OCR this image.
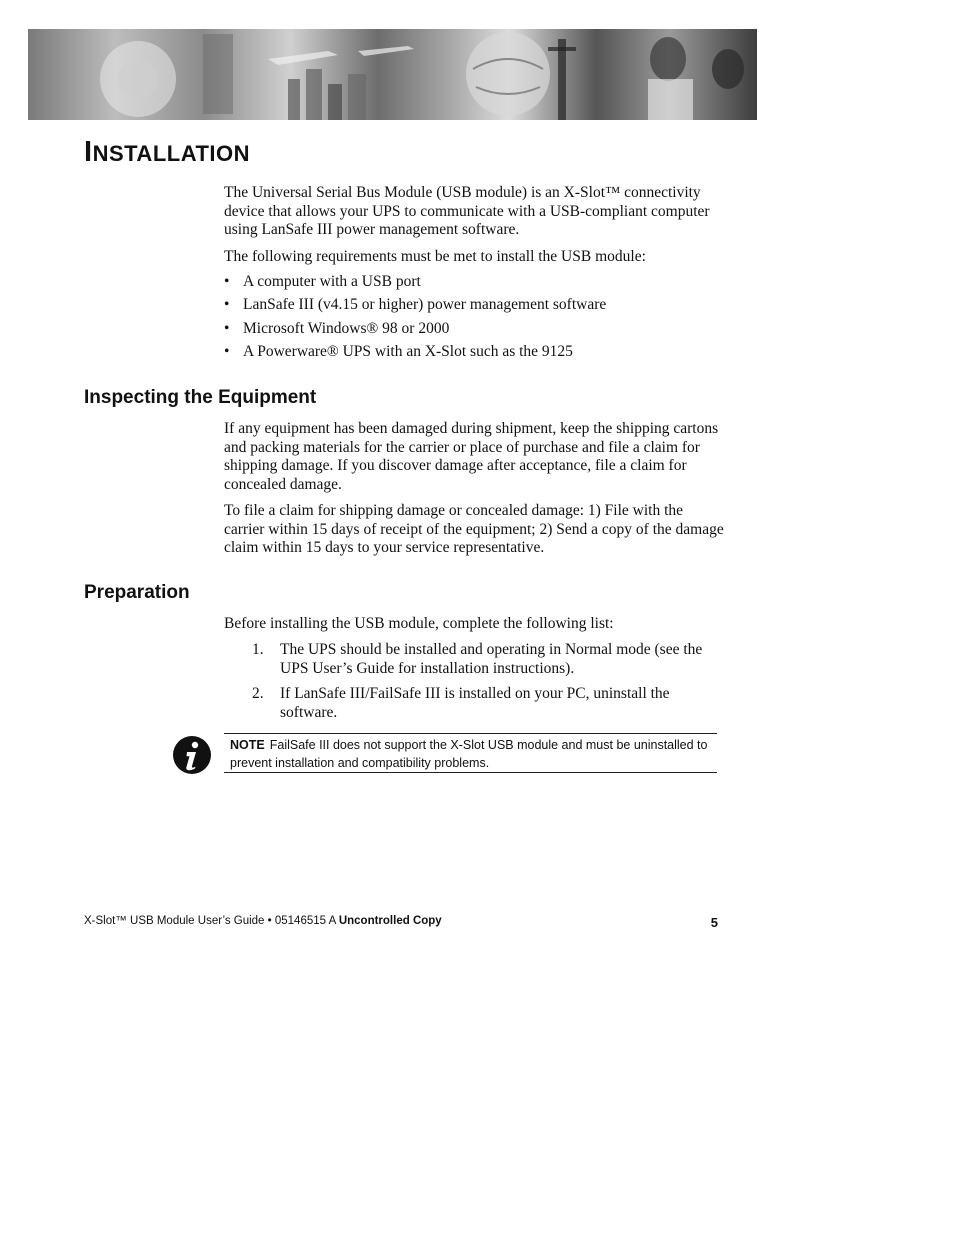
INSTALLATION

The Universal Serial Bus Module (USB module) is an X-Slot™ connectivity device that allows your UPS to communicate with a USB-compliant computer using LanSafe III power management software.

The following requirements must be met to install the USB module:

• A computer with a USB port
• LanSafe III (v4.15 or higher) power management software
• Microsoft Windows® 98 or 2000
• A Powerware® UPS with an X-Slot such as the 9125
Inspecting the Equipment

If any equipment has been damaged during shipment, keep the shipping cartons and packing materials for the carrier or place of purchase and file a claim for shipping damage. If you discover damage after acceptance, file a claim for concealed damage.

To file a claim for shipping damage or concealed damage: 1) File with the carrier within 15 days of receipt of the equipment; 2) Send a copy of the damage claim within 15 days to your service representative.

Preparation

Before installing the USB module, complete the following list:

1. The UPS should be installed and operating in Normal mode (see the UPS User’s Guide for installation instructions).
2. If LanSafe III/FailSafe III is installed on your PC, uninstall the software.
NOTE FailSafe III does not support the X-Slot USB module and must be uninstalled to prevent installation and compatibility problems.
X-Slot™ USB Module User’s Guide • 05146515 A Uncontrolled Copy	5
